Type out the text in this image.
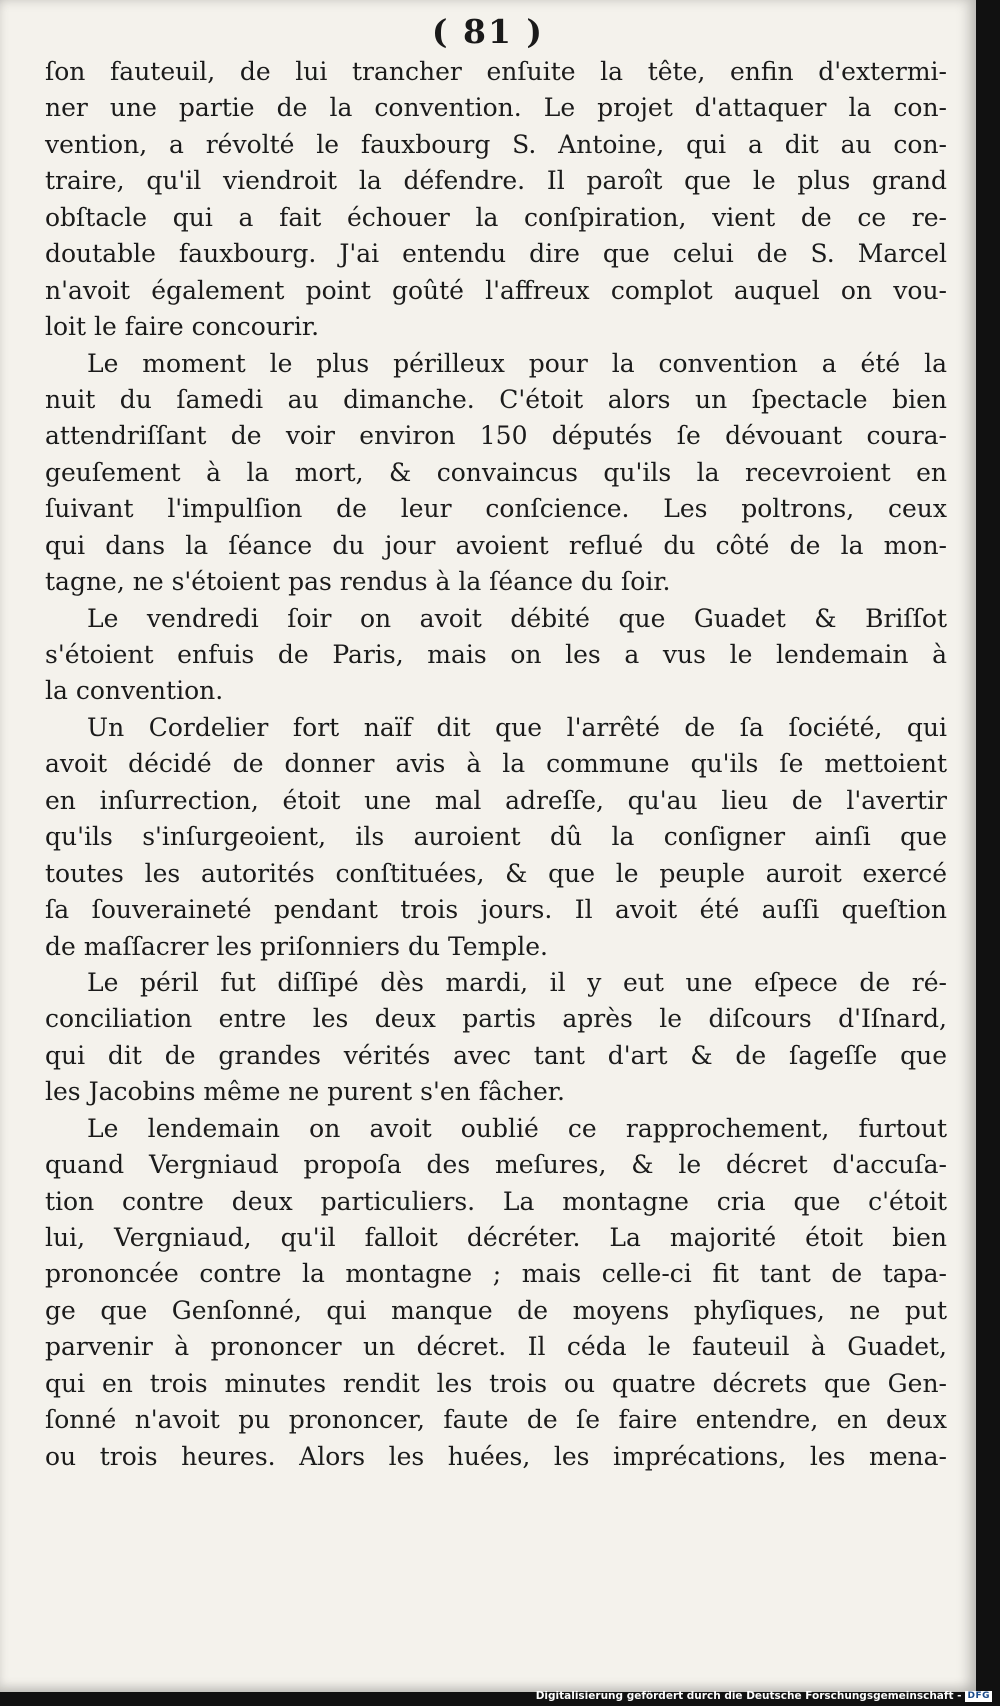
( 81 )
ſon fauteuil, de lui trancher enſuite la tête, enfin d'extermi-
ner une partie de la convention. Le projet d'attaquer la con-
vention, a révolté le fauxbourg S. Antoine, qui a dit au con-
traire, qu'il viendroit la défendre. Il paroît que le plus grand
obſtacle qui a fait échouer la conſpiration, vient de ce re-
doutable fauxbourg. J'ai entendu dire que celui de S. Marcel
n'avoit également point goûté l'affreux complot auquel on vou-
loit le faire concourir.
Le moment le plus périlleux pour la convention a été la
nuit du ſamedi au dimanche. C'étoit alors un ſpectacle bien
attendriſſant de voir environ 150 députés ſe dévouant coura-
geuſement à la mort, & convaincus qu'ils la recevroient en
ſuivant l'impulſion de leur conſcience. Les poltrons, ceux
qui dans la ſéance du jour avoient reflué du côté de la mon-
tagne, ne s'étoient pas rendus à la ſéance du ſoir.
Le vendredi ſoir on avoit débité que Guadet & Briſſot
s'étoient enfuis de Paris, mais on les a vus le lendemain à
la convention.
Un Cordelier fort naïf dit que l'arrêté de ſa ſociété, qui
avoit décidé de donner avis à la commune qu'ils ſe mettoient
en inſurrection, étoit une mal adreſſe, qu'au lieu de l'avertir
qu'ils s'inſurgeoient, ils auroient dû la conſigner ainſi que
toutes les autorités conſtituées, & que le peuple auroit exercé
ſa ſouveraineté pendant trois jours. Il avoit été auſſi queſtion
de maſſacrer les priſonniers du Temple.
Le péril fut diſſipé dès mardi, il y eut une eſpece de ré-
conciliation entre les deux partis après le diſcours d'Iſnard,
qui dit de grandes vérités avec tant d'art & de ſageſſe que
les Jacobins même ne purent s'en fâcher.
Le lendemain on avoit oublié ce rapprochement, furtout
quand Vergniaud propoſa des meſures, & le décret d'accuſa-
tion contre deux particuliers. La montagne cria que c'étoit
lui, Vergniaud, qu'il falloit décréter. La majorité étoit bien
prononcée contre la montagne ; mais celle-ci fit tant de tapa-
ge que Genſonné, qui manque de moyens phyſiques, ne put
parvenir à prononcer un décret. Il céda le fauteuil à Guadet,
qui en trois minutes rendit les trois ou quatre décrets que Gen-
ſonné n'avoit pu prononcer, faute de ſe faire entendre, en deux
ou trois heures. Alors les huées, les imprécations, les mena-
Digitalisierung gefördert durch die Deutsche Forschungsgemeinschaft - DFG
